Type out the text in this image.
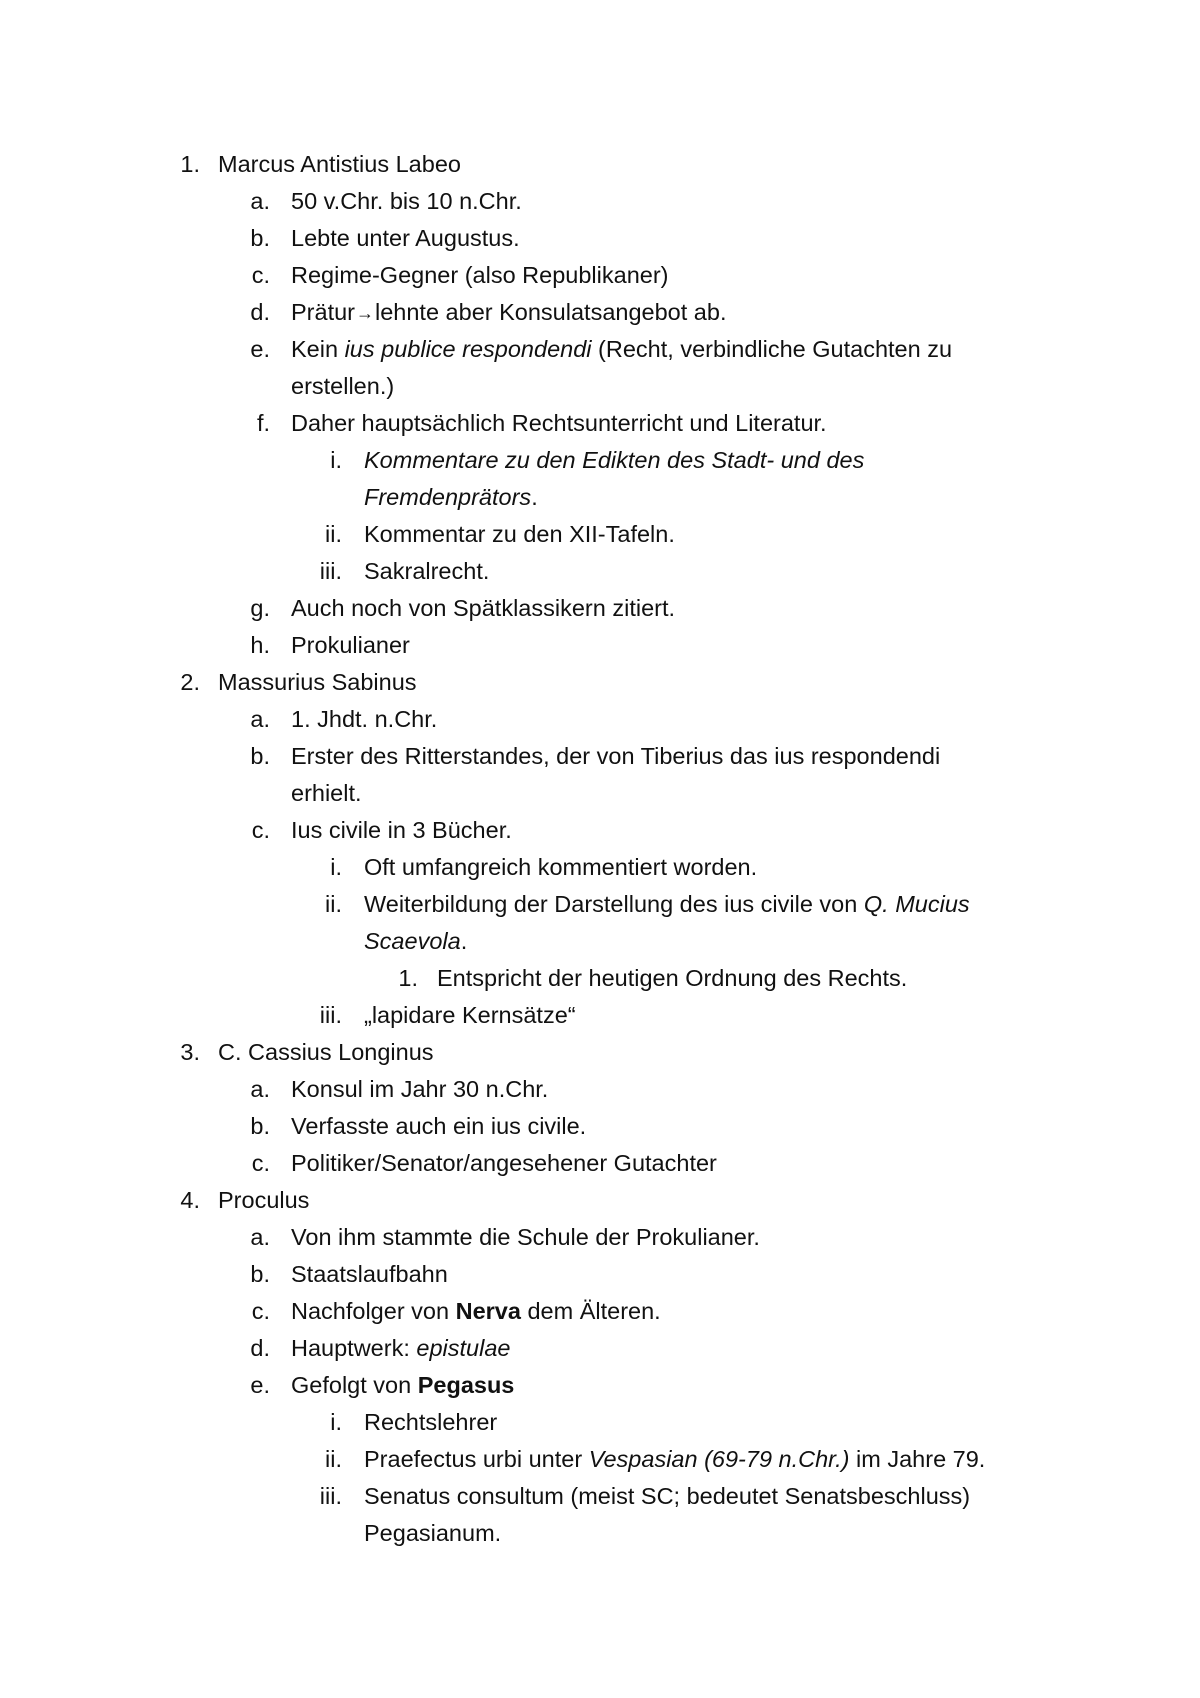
1. Marcus Antistius Labeo
a. 50 v.Chr. bis 10 n.Chr.
b. Lebte unter Augustus.
c. Regime-Gegner (also Republikaner)
d. Prätur→lehnte aber Konsulatsangebot ab.
e. Kein ius publice respondendi (Recht, verbindliche Gutachten zu
erstellen.)
f. Daher hauptsächlich Rechtsunterricht und Literatur.
i. Kommentare zu den Edikten des Stadt- und des
Fremdenprätors.
ii. Kommentar zu den XII-Tafeln.
iii. Sakralrecht.
g. Auch noch von Spätklassikern zitiert.
h. Prokulianer
2. Massurius Sabinus
a. 1. Jhdt. n.Chr.
b. Erster des Ritterstandes, der von Tiberius das ius respondendi
erhielt.
c. Ius civile in 3 Bücher.
i. Oft umfangreich kommentiert worden.
ii. Weiterbildung der Darstellung des ius civile von Q. Mucius
Scaevola.
1. Entspricht der heutigen Ordnung des Rechts.
iii. „lapidare Kernsätze“
3. C. Cassius Longinus
a. Konsul im Jahr 30 n.Chr.
b. Verfasste auch ein ius civile.
c. Politiker/Senator/angesehener Gutachter
4. Proculus
a. Von ihm stammte die Schule der Prokulianer.
b. Staatslaufbahn
c. Nachfolger von Nerva dem Älteren.
d. Hauptwerk: epistulae
e. Gefolgt von Pegasus
i. Rechtslehrer
ii. Praefectus urbi unter Vespasian (69-79 n.Chr.) im Jahre 79.
iii. Senatus consultum (meist SC; bedeutet Senatsbeschluss)
Pegasianum.
